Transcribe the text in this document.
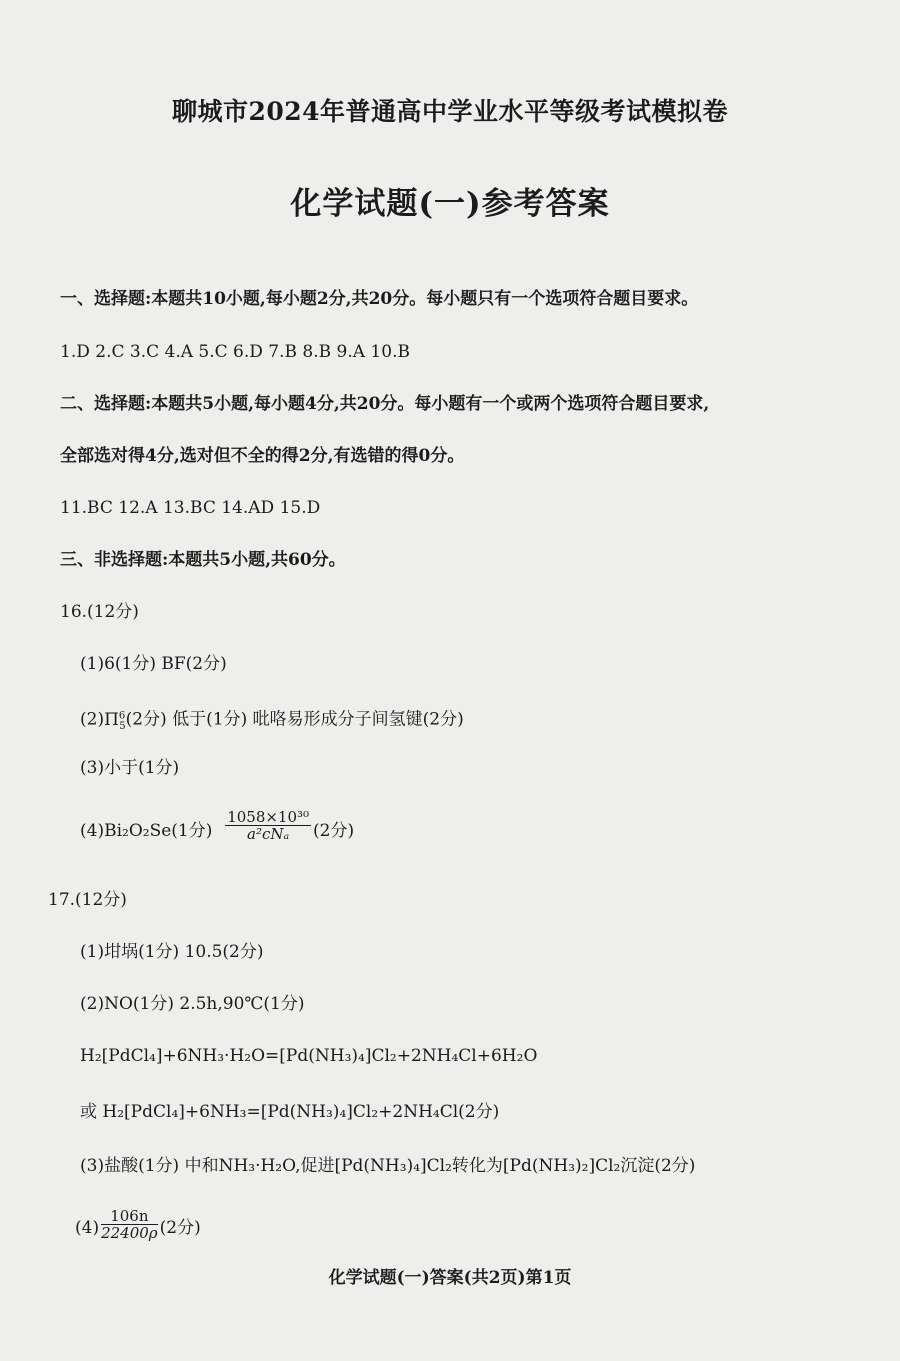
聊城市2024年普通高中学业水平等级考试模拟卷
化学试题(一)参考答案
一、选择题:本题共10小题,每小题2分,共20分。每小题只有一个选项符合题目要求。
1.D 2.C 3.C 4.A 5.C 6.D 7.B 8.B 9.A 10.B
二、选择题:本题共5小题,每小题4分,共20分。每小题有一个或两个选项符合题目要求,
全部选对得4分,选对但不全的得2分,有选错的得0分。
11.BC 12.A 13.BC 14.AD 15.D
三、非选择题:本题共5小题,共60分。
16.(12分)
(1)6(1分) BF(2分)
$(2)\Pi^6_5(2$分) 低于(1分) 吡咯易形成分子间氢键(2分)
(3)小于(1分)
(4)Bi₂O₂Se(1分) $\frac{\text{1058×10³⁰}}{\text{a²cNₐ}} (2$分)
17.(12分)
(1)坩埚(1分) 10.5(2分)
(2)NO(1分) 2.5h,90℃(1分)
H₂[PdCl₄]+6NH₃·H₂O=[Pd(NH₃)₄]Cl₂+2NH₄Cl+6H₂O
或 H₂[PdCl₄]+6NH₃=[Pd(NH₃)₄]Cl₂+2NH₄Cl(2分)
(3)盐酸(1分) 中和NH₃·H₂O,促进[Pd(NH₃)₄]Cl₂转化为[Pd(NH₃)₂]Cl₂沉淀(2分)
$(4) \frac{106n}{22400\rho} (2$分)
化学试题(一)答案(共2页)第1页
